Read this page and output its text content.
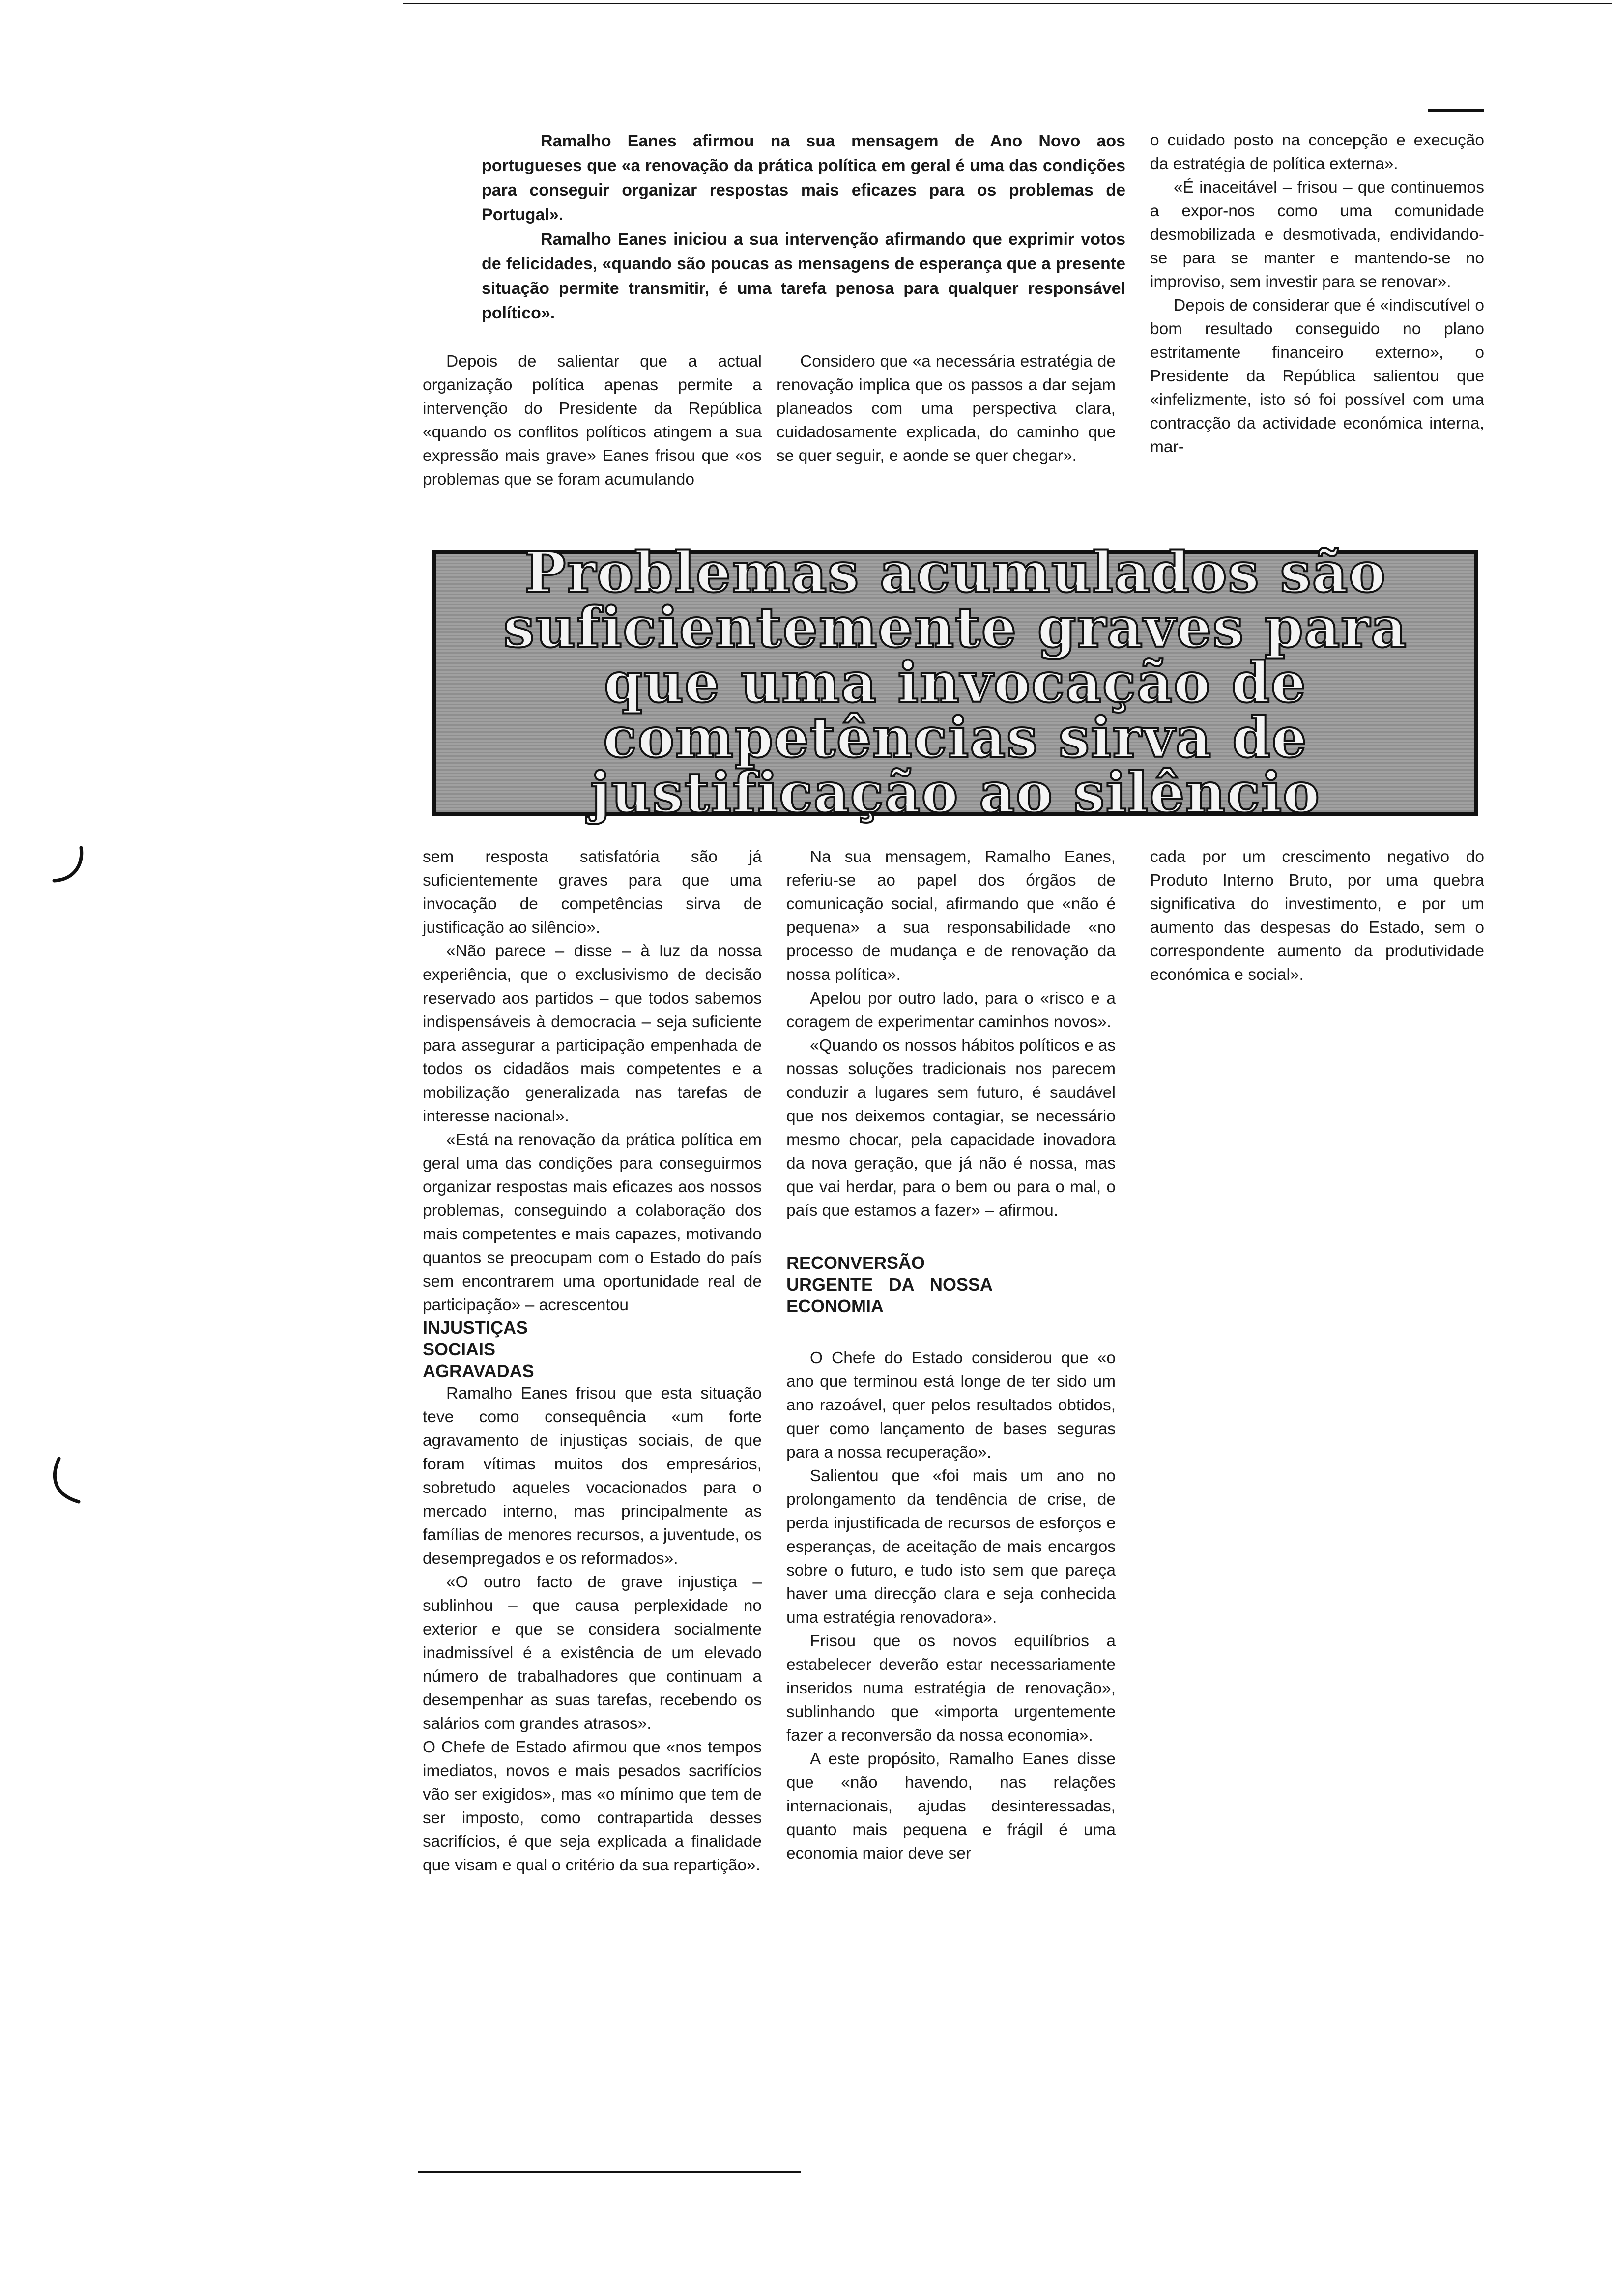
Ramalho Eanes afirmou na sua mensagem de Ano Novo aos portugueses que «a renovação da prática política em geral é uma das condições para conseguir organizar respostas mais eficazes para os problemas de Portugal».

Ramalho Eanes iniciou a sua intervenção afirmando que exprimir votos de felicidades, «quando são poucas as mensagens de esperança que a presente situação permite transmitir, é uma tarefa penosa para qualquer responsável político».

Depois de salientar que a actual organização política apenas permite a intervenção do Presidente da República «quando os conflitos políticos atingem a sua expressão mais grave» Eanes frisou que «os problemas que se foram acumulando

Considero que «a necessária estratégia de renovação implica que os passos a dar sejam planeados com uma perspectiva clara, cuidadosamente explicada, do caminho que se quer seguir, e aonde se quer chegar».

o cuidado posto na concepção e execução da estratégia de política externa».

«É inaceitável – frisou – que continuemos a expor-nos como uma comunidade desmobilizada e desmotivada, endividando-se para se manter e mantendo-se no improviso, sem investir para se renovar».

Depois de considerar que é «indiscutível o bom resultado conseguido no plano estritamente financeiro externo», o Presidente da República salientou que «infelizmente, isto só foi possível com uma contracção da actividade económica interna, mar-

Problemas acumulados são suficientemente graves para que uma invocação de competências sirva de justificação ao silêncio

sem resposta satisfatória são já suficientemente graves para que uma invocação de competências sirva de justificação ao silêncio».

«Não parece – disse – à luz da nossa experiência, que o exclusivismo de decisão reservado aos partidos – que todos sabemos indispensáveis à democracia – seja suficiente para assegurar a participação empenhada de todos os cidadãos mais competentes e a mobilização generalizada nas tarefas de interesse nacional».

«Está na renovação da prática política em geral uma das condições para conseguirmos organizar respostas mais eficazes aos nossos problemas, conseguindo a colaboração dos mais competentes e mais capazes, motivando quantos se preocupam com o Estado do país sem encontrarem uma oportunidade real de participação» – acrescentou

INJUSTIÇAS SOCIAIS AGRAVADAS

Ramalho Eanes frisou que esta situação teve como consequência «um forte agravamento de injustiças sociais, de que foram vítimas muitos dos empresários, sobretudo aqueles vocacionados para o mercado interno, mas principalmente as famílias de menores recursos, a juventude, os desempregados e os reformados».

«O outro facto de grave injustiça – sublinhou – que causa perplexidade no exterior e que se considera socialmente inadmissível é a existência de um elevado número de trabalhadores que continuam a desempenhar as suas tarefas, recebendo os salários com grandes atrasos».

O Chefe de Estado afirmou que «nos tempos imediatos, novos e mais pesados sacrifícios vão ser exigidos», mas «o mínimo que tem de ser imposto, como contrapartida desses sacrifícios, é que seja explicada a finalidade que visam e qual o critério da sua repartição».

Na sua mensagem, Ramalho Eanes, referiu-se ao papel dos órgãos de comunicação social, afirmando que «não é pequena» a sua responsabilidade «no processo de mudança e de renovação da nossa política».

Apelou por outro lado, para o «risco e a coragem de experimentar caminhos novos».

«Quando os nossos hábitos políticos e as nossas soluções tradicionais nos parecem conduzir a lugares sem futuro, é saudável que nos deixemos contagiar, se necessário mesmo chocar, pela capacidade inovadora da nova geração, que já não é nossa, mas que vai herdar, para o bem ou para o mal, o país que estamos a fazer» – afirmou.

RECONVERSÃO URGENTE DA NOSSA ECONOMIA

O Chefe do Estado considerou que «o ano que terminou está longe de ter sido um ano razoável, quer pelos resultados obtidos, quer como lançamento de bases seguras para a nossa recuperação».

Salientou que «foi mais um ano no prolongamento da tendência de crise, de perda injustificada de recursos de esforços e esperanças, de aceitação de mais encargos sobre o futuro, e tudo isto sem que pareça haver uma direcção clara e seja conhecida uma estratégia renovadora».

Frisou que os novos equilíbrios a estabelecer deverão estar necessariamente inseridos numa estratégia de renovação», sublinhando que «importa urgentemente fazer a reconversão da nossa economia».

A este propósito, Ramalho Eanes disse que «não havendo, nas relações internacionais, ajudas desinteressadas, quanto mais pequena e frágil é uma economia maior deve ser

cada por um crescimento negativo do Produto Interno Bruto, por uma quebra significativa do investimento, e por um aumento das despesas do Estado, sem o correspondente aumento da produtividade económica e social».
